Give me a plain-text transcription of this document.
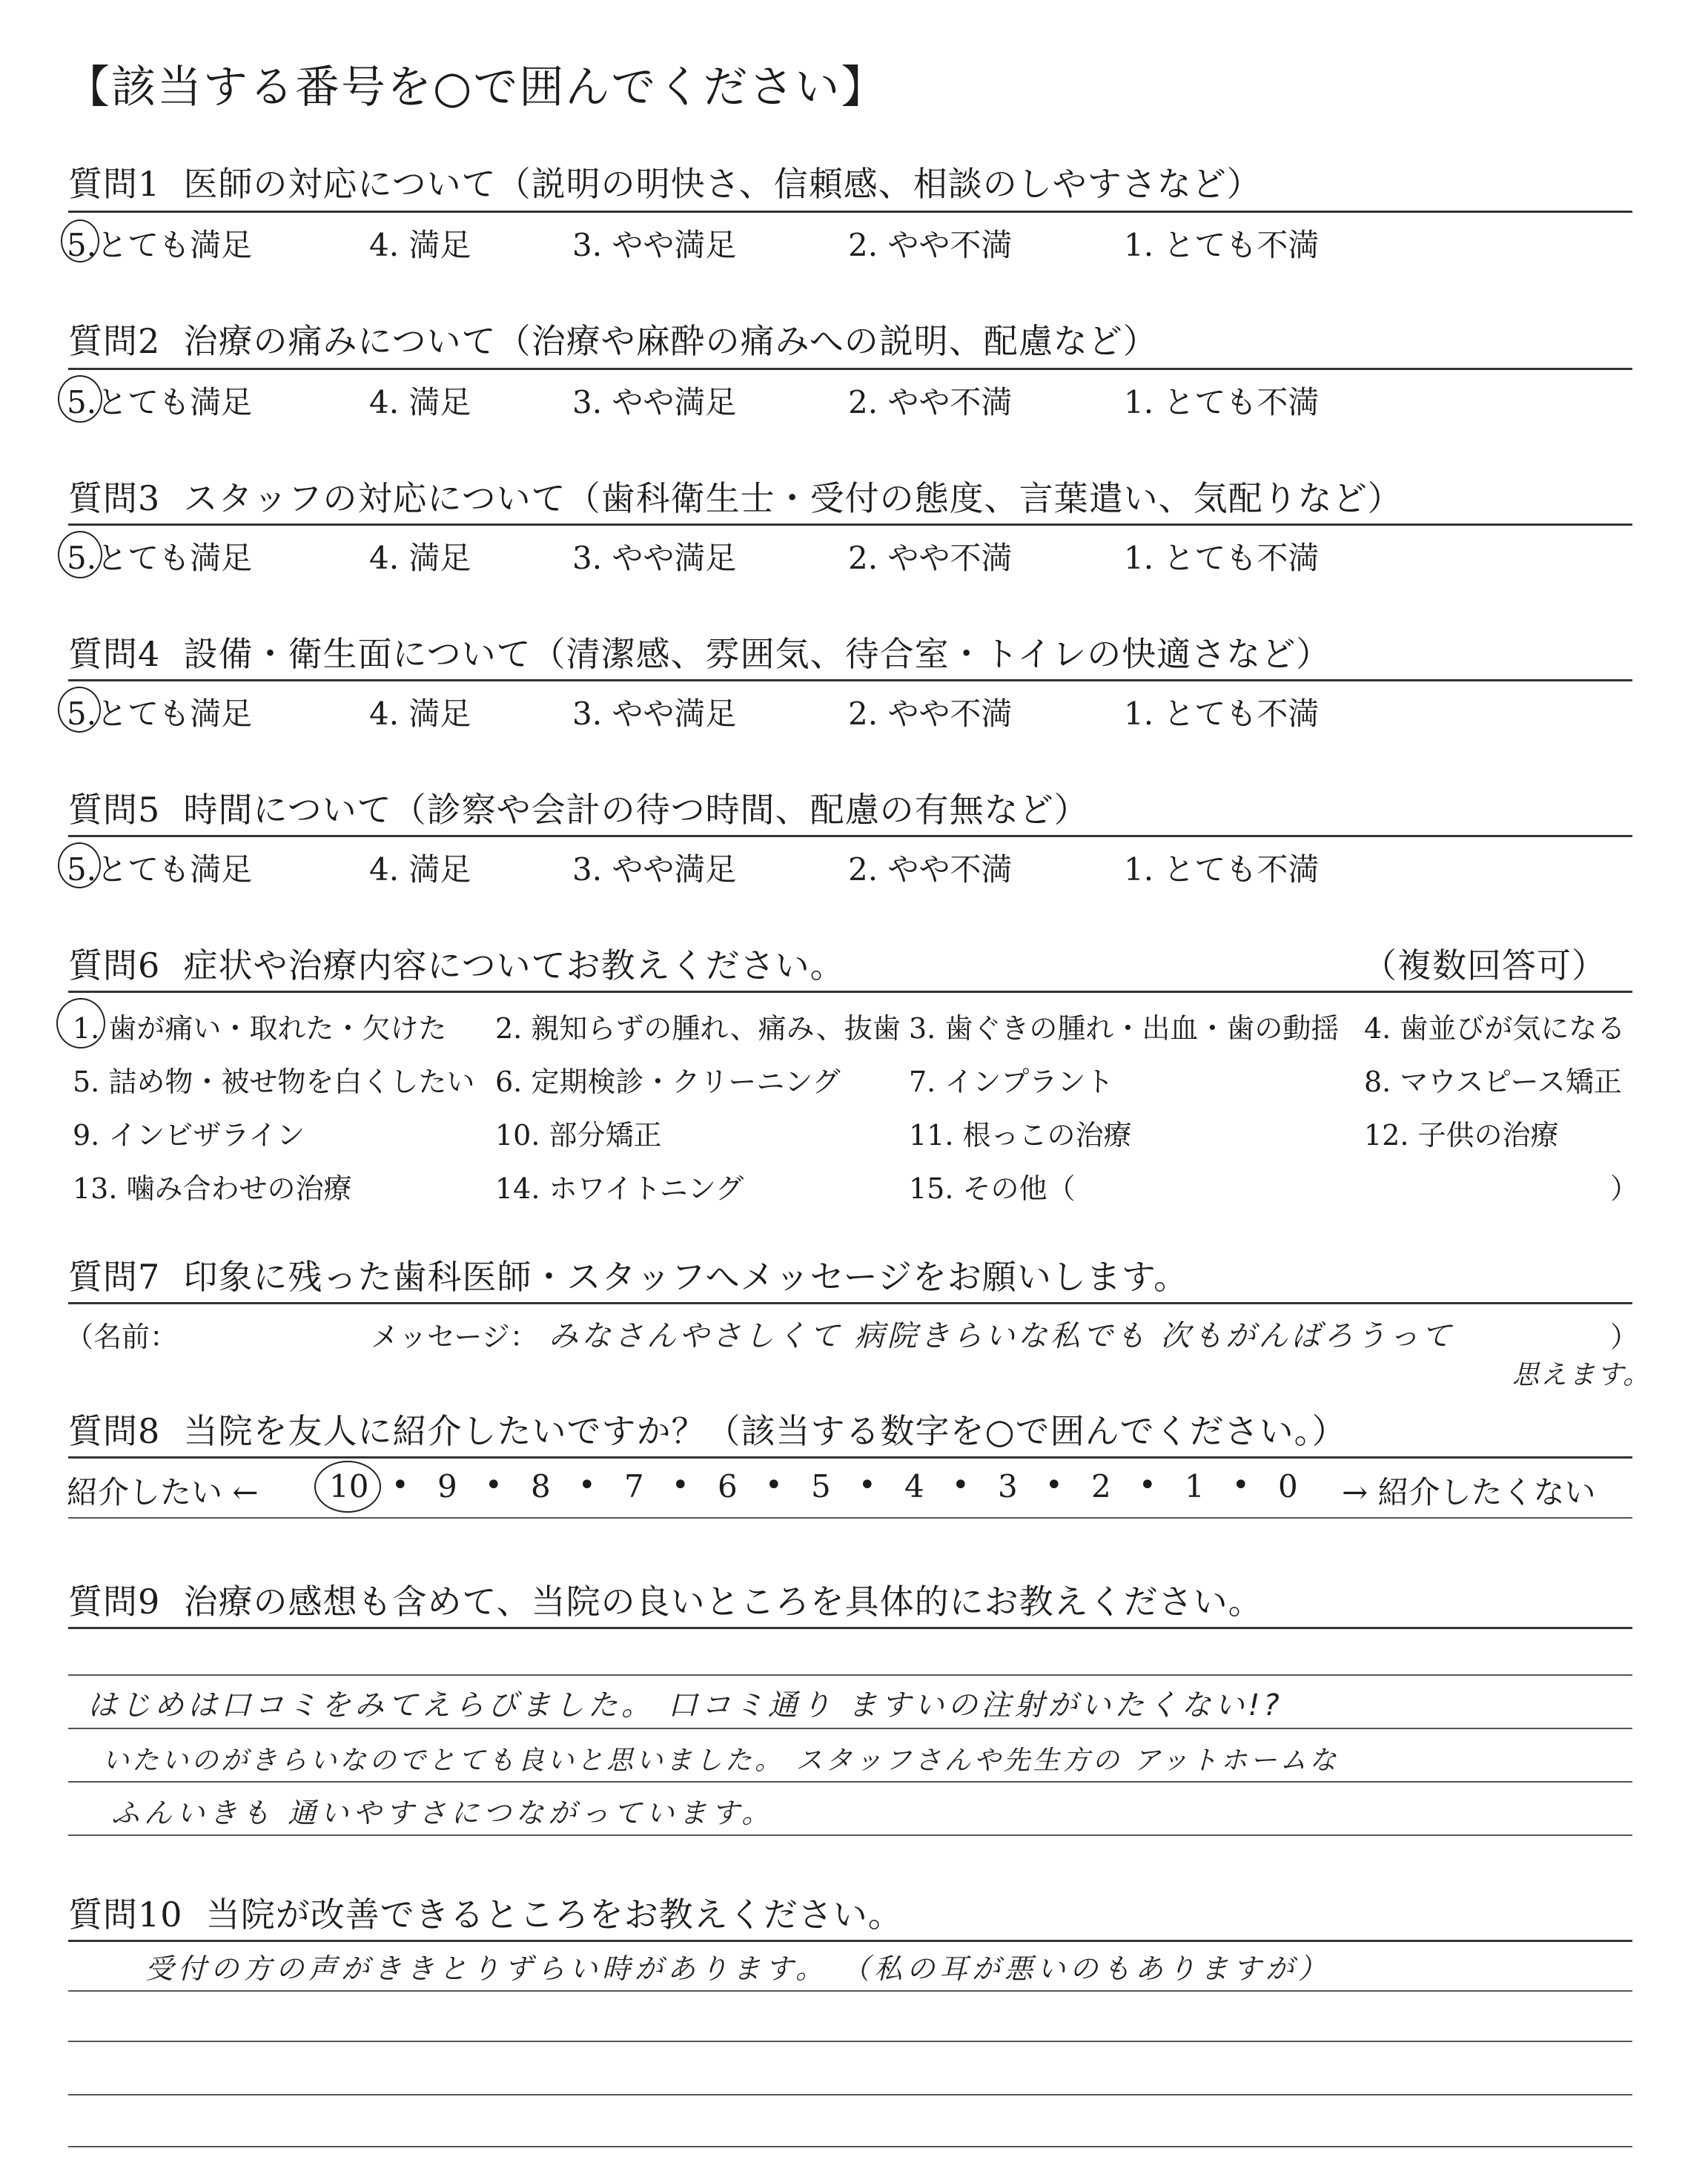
【該当する番号を○で囲んでください】
質問1 医師の対応について（説明の明快さ、信頼感、相談のしやすさなど）
5.とても満足	4. 満足	3. やや満足	2. やや不満	1. とても不満
質問2 治療の痛みについて（治療や麻酔の痛みへの説明、配慮など）
5.とても満足	4. 満足	3. やや満足	2. やや不満	1. とても不満
質問3 スタッフの対応について（歯科衛生士・受付の態度、言葉遣い、気配りなど）
5.とても満足	4. 満足	3. やや満足	2. やや不満	1. とても不満
質問4 設備・衛生面について（清潔感、雰囲気、待合室・トイレの快適さなど）
5.とても満足	4. 満足	3. やや満足	2. やや不満	1. とても不満
質問5 時間について（診察や会計の待つ時間、配慮の有無など）
5.とても満足	4. 満足	3. やや満足	2. やや不満	1. とても不満
質問6 症状や治療内容についてお教えください。	（複数回答可）
1. 歯が痛い・取れた・欠けた 2. 親知らずの腫れ、痛み、抜歯 3. 歯ぐきの腫れ・出血・歯の動揺 4. 歯並びが気になる
5. 詰め物・被せ物を白くしたい 6. 定期検診・クリーニング 7. インプラント	8. マウスピース矯正
9. インビザライン	10. 部分矯正	11. 根っこの治療	12. 子供の治療
13. 噛み合わせの治療	14. ホワイトニング	15. その他（	）
質問7 印象に残った歯科医師・スタッフへメッセージをお願いします。
（名前：	メッセージ： みなさんやさしくて 病院きらいな私でも 次もがんばろうって
思えます。
）
質問8 当院を友人に紹介したいですか？（該当する数字を○で囲んでください。）
紹介したい ← 10 • 9 • 8 • 7 • 6 • 5 • 4 • 3 • 2 • 1 • 0 → 紹介したくない
質問9 治療の感想も含めて、当院の良いところを具体的にお教えください。
はじめは口コミをみてえらびました。 口コミ通り ますいの注射がいたくない!?
いたいのがきらいなのでとても良いと思いました。 スタッフさんや先生方の アットホームな
ふんいきも 通いやすさにつながっています。
質問10 当院が改善できるところをお教えください。
受付の方の声がききとりずらい時があります。 （私の耳が悪いのもありますが）
